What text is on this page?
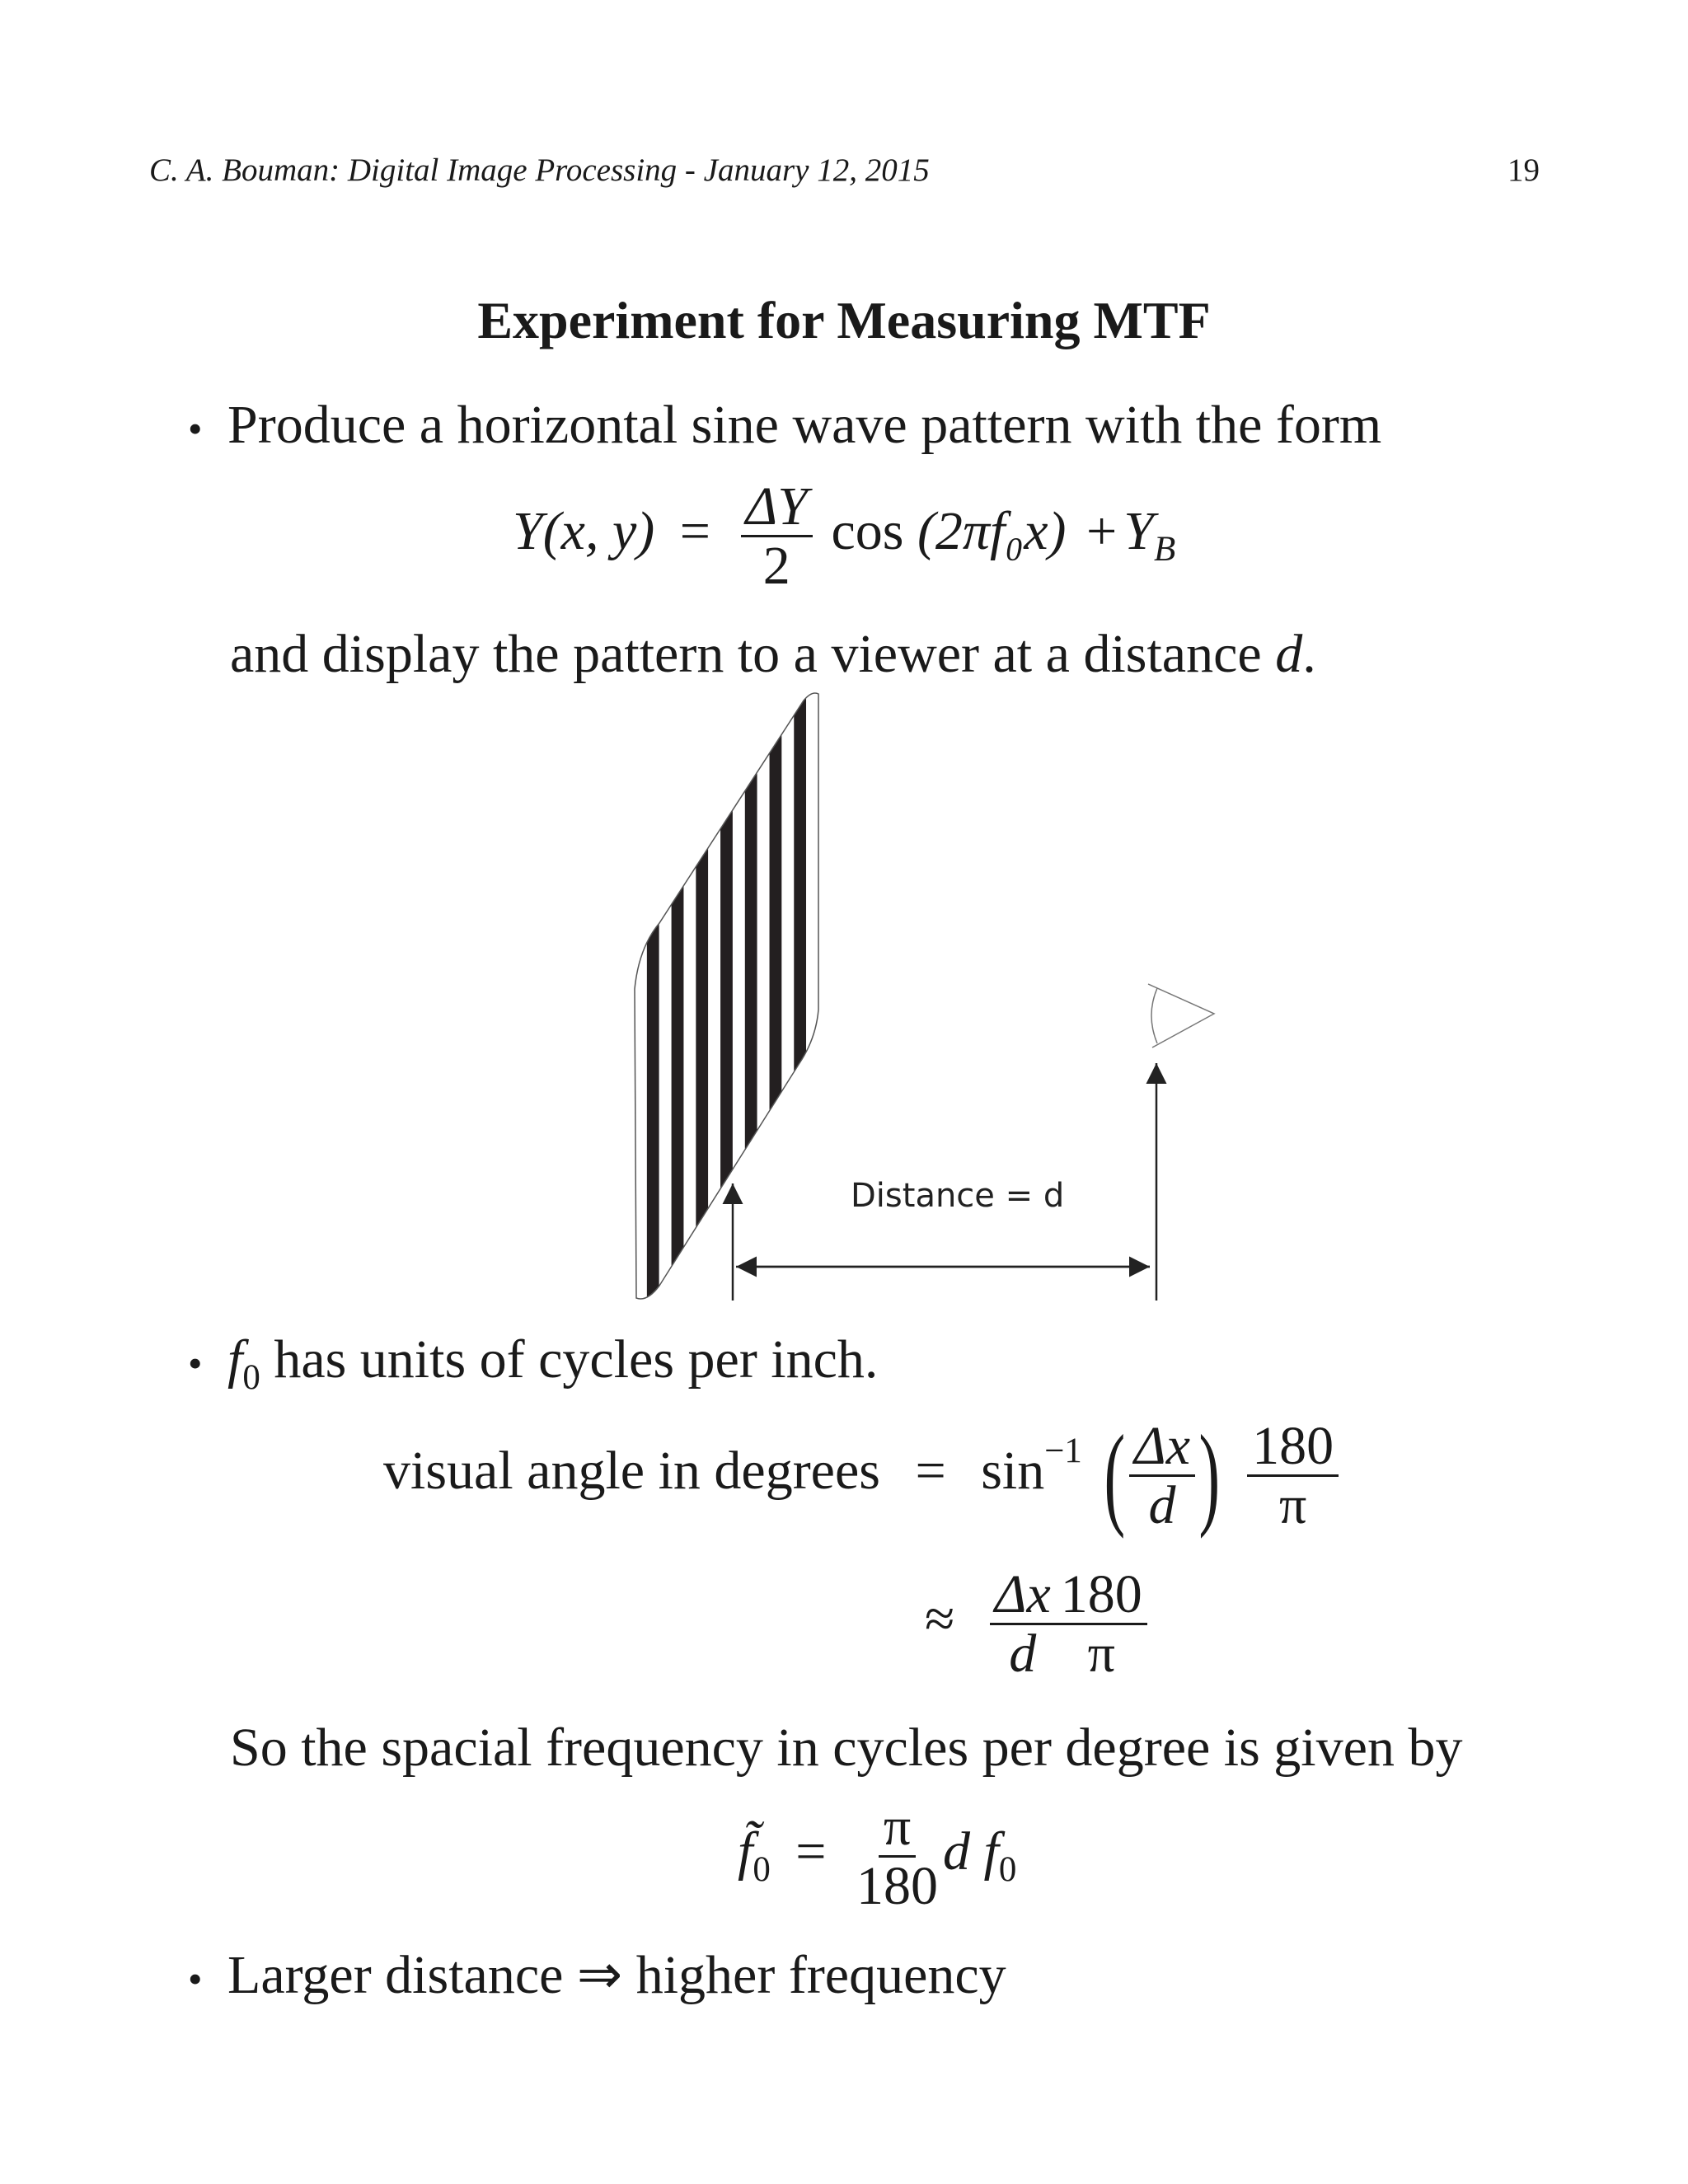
C. A. Bouman: Digital Image Processing - January 12, 2015	19
Experiment for Measuring MTF
• Produce a horizontal sine wave pattern with the form
Y(x, $y) = \frac{\Delta Y}{2}$ $\cos (2\pi f_0x) + Y_B$
and display the pattern to a viewer at a distance d.
Distance = d
• $f_0$ has units of cycles per inch.
visual angle in degrees = $\sin^{-1}$ ( $\frac{\Delta x}{d}$ ) $\frac{180}{\pi}$
≈ $\frac{\Delta x}{d} \frac{180}{\pi}$
So the spacial frequency in cycles per degree is given by
$f̃_0 = \frac{\pi}{180}$ d $f_0$
• Larger distance ⇒ higher frequency
